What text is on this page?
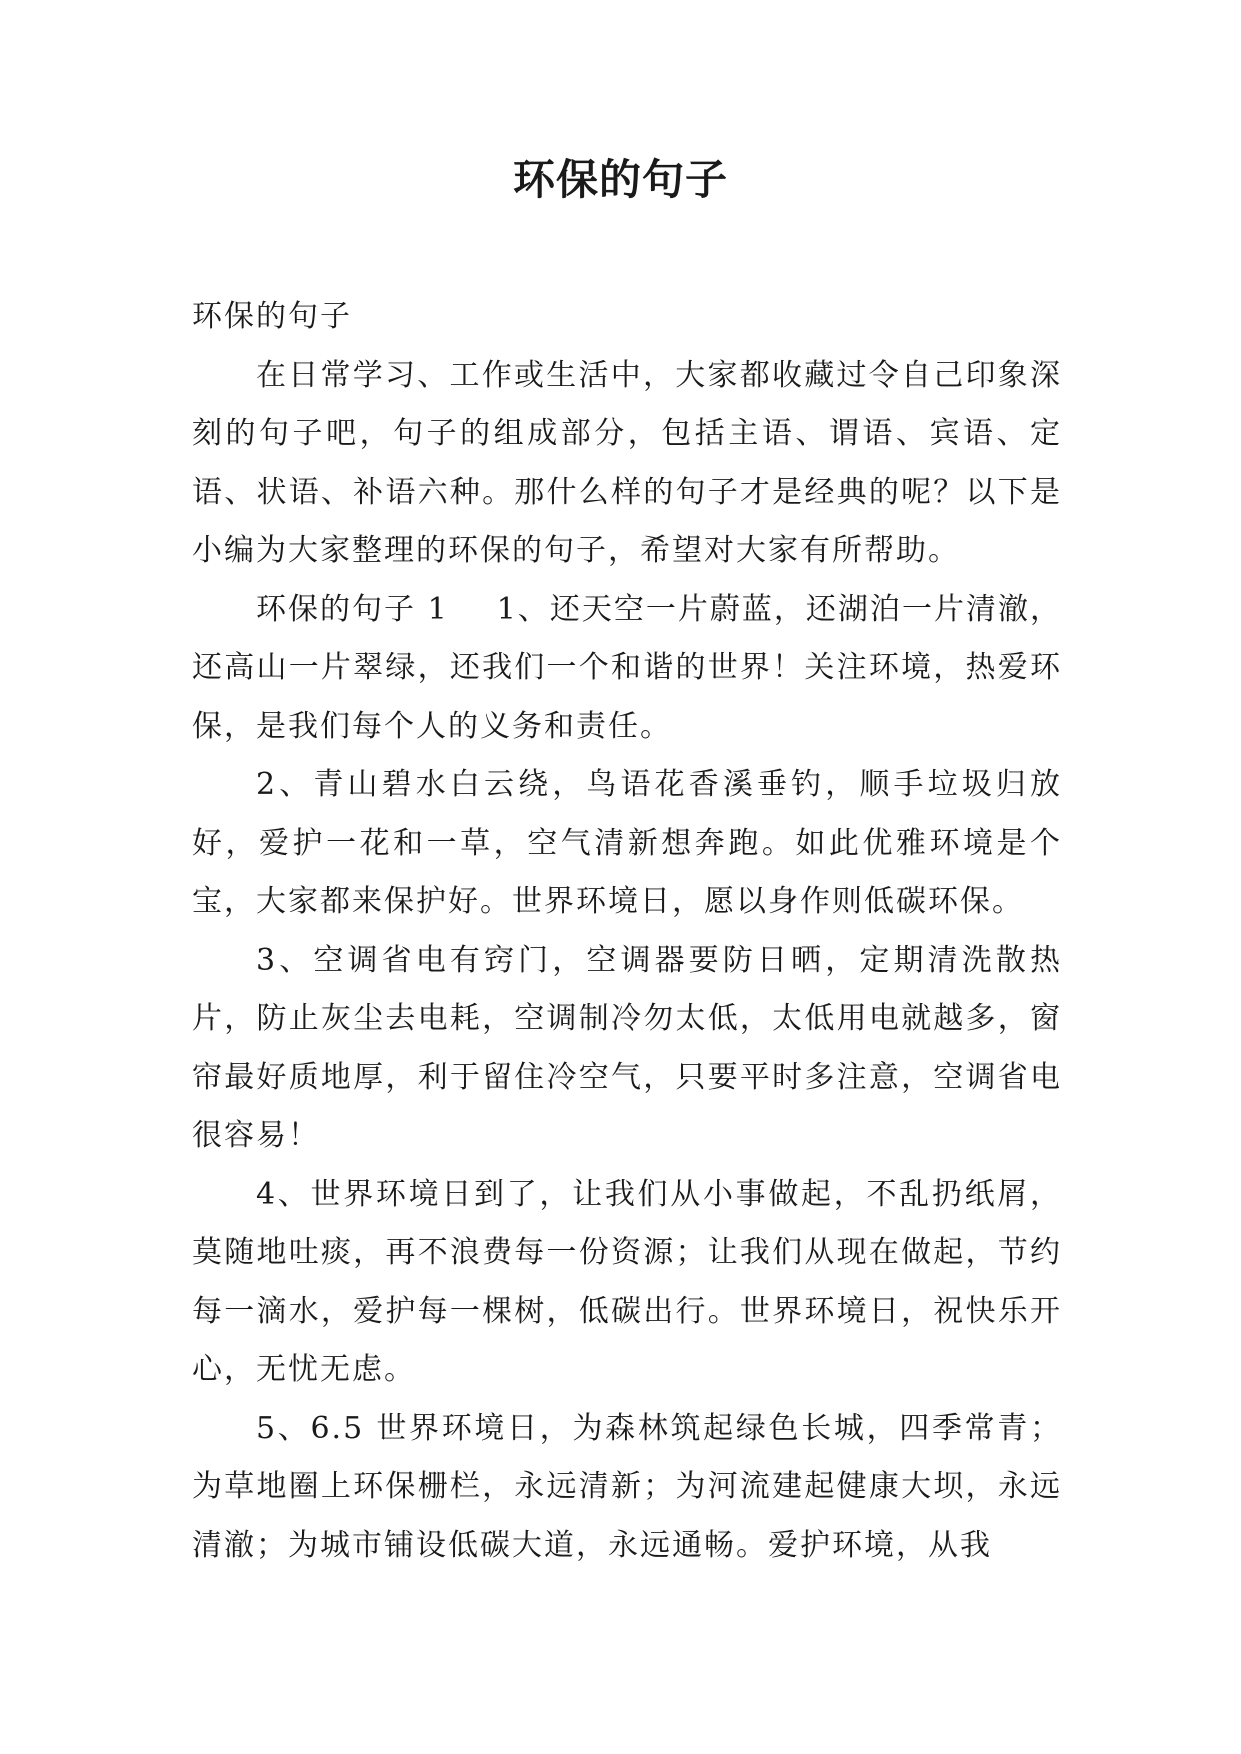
环保的句子

环保的句子

在日常学习、工作或生活中，大家都收藏过令自己印象深刻的句子吧，句子的组成部分，包括主语、谓语、宾语、定语、状语、补语六种。那什么样的句子才是经典的呢？以下是小编为大家整理的环保的句子，希望对大家有所帮助。

环保的句子 1 1、还天空一片蔚蓝，还湖泊一片清澈，还高山一片翠绿，还我们一个和谐的世界！关注环境，热爱环保，是我们每个人的义务和责任。

2、青山碧水白云绕，鸟语花香溪垂钓，顺手垃圾归放好，爱护一花和一草，空气清新想奔跑。如此优雅环境是个宝，大家都来保护好。世界环境日，愿以身作则低碳环保。

3、空调省电有窍门，空调器要防日晒，定期清洗散热片，防止灰尘去电耗，空调制冷勿太低，太低用电就越多，窗帘最好质地厚，利于留住冷空气，只要平时多注意，空调省电很容易！

4、世界环境日到了，让我们从小事做起，不乱扔纸屑，莫随地吐痰，再不浪费每一份资源；让我们从现在做起，节约每一滴水，爱护每一棵树，低碳出行。世界环境日，祝快乐开心，无忧无虑。

5、6.5 世界环境日，为森林筑起绿色长城，四季常青；为草地圈上环保栅栏，永远清新；为河流建起健康大坝，永远清澈；为城市铺设低碳大道，永远通畅。爱护环境，从我
